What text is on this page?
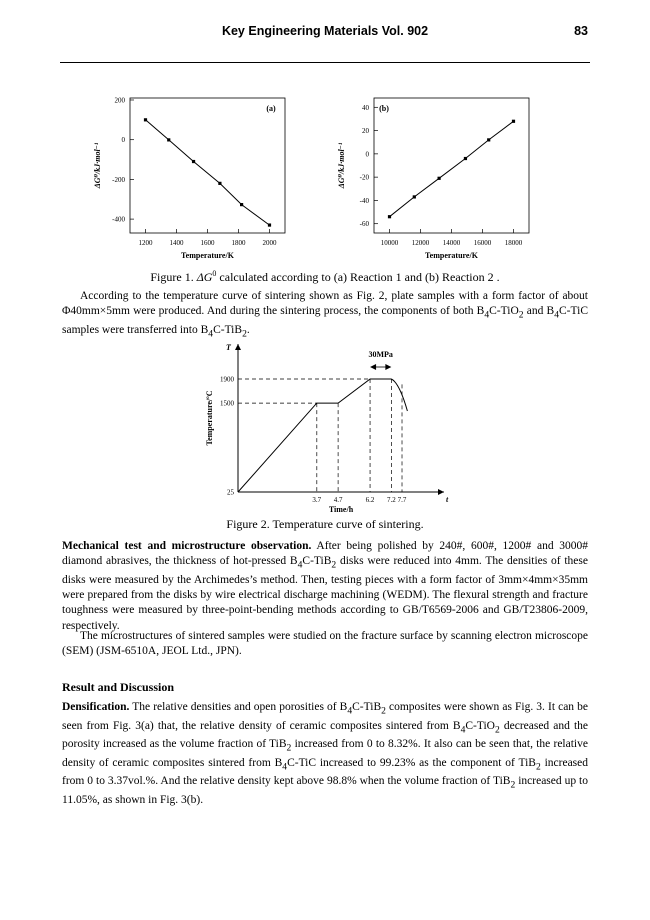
Key Engineering Materials Vol. 902	83
1200 1400 1600 1800 2000
200
0
-200
-400
(a)
Temperature/K
ΔG⁰/kJ·mol⁻¹
10000 12000 14000 16000 18000
40
20
0
-20
-40
-60
(b)
Temperature/K
ΔG⁰/kJ·mol⁻¹
Figure 1. $\Delta G^0$ calculated according to (a) Reaction 1 and (b) Reaction 2 .
According to the temperature curve of sintering shown as Fig. 2, plate samples with a form factor of about Φ40mm×5mm were produced. And during the sintering process, the components of both $B_4C-TiO_2$ and $B_4C$-TiC samples were transferred into $B_4C-TiB_2$.
T
t
3.7 4.7	6.2 7.2 7.7
1900
1500
25
Time/h
Temperature/ºC
30MPa
Figure 2. Temperature curve of sintering.
Mechanical test and microstructure observation. After being polished by 240#, 600#, 1200# and 3000# diamond abrasives, the thickness of hot-pressed $B_4C-TiB_2$ disks were reduced into 4mm. The densities of these disks were measured by the Archimedes’s method. Then, testing pieces with a form factor of 3mm×4mm×35mm were prepared from the disks by wire electrical discharge machining (WEDM). The flexural strength and fracture toughness were measured by three-point-bending methods according to GB/T6569-2006 and GB/T23806-2009, respectively.
The microstructures of sintered samples were studied on the fracture surface by scanning electron microscope (SEM) (JSM-6510A, JEOL Ltd., JPN).
Result and Discussion
Densification. The relative densities and open porosities of $B_4C-TiB_2$ composites were shown as Fig. 3. It can be seen from Fig. 3(a) that, the relative density of ceramic composites sintered from $B_4C-TiO_2$ decreased and the porosity increased as the volume fraction of TiB$_2$ increased from 0 to 8.32%. It also can be seen that, the relative density of ceramic composites sintered from $B_4C$-TiC increased to 99.23% as the component of TiB$_2$ increased from 0 to 3.37vol.%. And the relative density kept above 98.8% when the volume fraction of TiB$_2$ increased up to 11.05%, as shown in Fig. 3(b).
